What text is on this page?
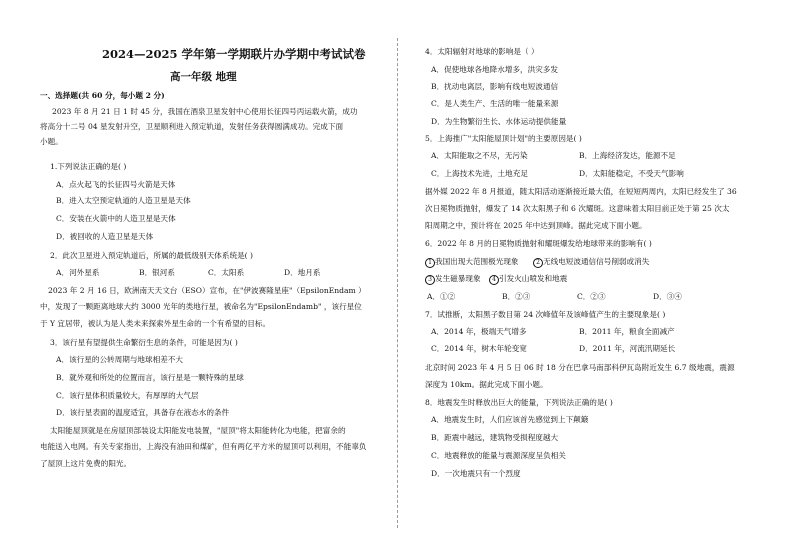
2024—2025 学年第一学期联片办学期中考试试卷
高一年级 地理
一、选择题(共 60 分，每小题 2 分)
2023 年 8 月 21 日 1 时 45 分，我国在酒泉卫星发射中心使用长征四号丙运载火箭，成功
将高分十二号 04 星发射升空，卫星顺利进入预定轨道，发射任务获得圆满成功。完成下面
小题。
1.下列说法正确的是( )
A．点火起飞的长征四号火箭是天体
B．进入太空预定轨道的人造卫星是天体
C．安装在火箭中的人造卫星是天体
D．被回收的人造卫星是天体
2．此次卫星进入预定轨道后，所属的最低级别天体系统是( )
A．河外星系	B．银河系	C．太阳系	D．地月系
2023 年 2 月 16 日，欧洲南天天文台（ESO）宣布，在"伊波赛隆星座"（EpsilonEndam ）
中，发现了一颗距离地球大约 3000 光年的类地行星，被命名为"EpsilonEndamb" ，该行星位
于 Y 宜居带，被认为是人类未来探索外星生命的一个有希望的目标。
3．该行星有望提供生命繁衍生息的条件，可能是因为( )
A．该行星的公转周期与地球相差不大
B．就外观和所处的位置而言，该行星是一颗特殊的星球
C．该行星体积质量较大，有厚厚的大气层
D．该行星表面的温度适宜，具备存在液态水的条件
太阳能屋顶就是在房屋顶部装设太阳能发电装置，"屋顶"将太阳能转化为电能，把富余的
电能送入电网。有关专家指出，上海没有油田和煤矿，但有两亿平方米的屋顶可以利用，不能辜负
了屋顶上这片免费的阳光。
4．太阳辐射对地球的影响是（ ）
A．促使地球各地降水增多，洪灾多发
B．扰动电离层，影响有线电短波通信
C．是人类生产、生活的唯一能量来源
D．为生物繁衍生长、水体运动提供能量
5．上海推广"太阳能屋顶计划"的主要原因是( )
A．太阳能取之不尽，无污染	B．上海经济发达，能源不足
C．上海技术先进，土地充足	D．太阳能稳定，不受天气影响
据外媒 2022 年 8 月报道，随太阳活动逐渐接近最大值，在短短两周内，太阳已经发生了 36
次日冕物质抛射，爆发了 14 次太阳黑子和 6 次耀斑。这意味着太阳目前正处于第 25 次太
阳周期之中，预计将在 2025 年中达到顶峰。据此完成下面小题。
6．2022 年 8 月的日冕物质抛射和耀斑爆发给地球带来的影响有( )
1 我国出现大范围极光现象	2 无线电短波通信信号削弱或消失
3 发生磁暴现象	4 引发火山喷发和地震
A．①②	B．②③	C．②③	D．③④
7．试推断，太阳黑子数目第 24 次峰值年及该峰值产生的主要现象是( )
A．2014 年，极端天气增多	B．2011 年，粮食全面减产
C．2014 年，树木年轮变宽	D．2011 年，河流汛期延长
北京时间 2023 年 4 月 5 日 06 时 18 分在巴拿马南部科伊瓦岛附近发生 6.7 级地震，震源
深度为 10km。据此完成下面小题。
8．地震发生时释放出巨大的能量，下列说法正确的是( )
A．地震发生时，人们应该首先感觉到上下颠簸
B．距震中越远，建筑物受损程度越大
C．地震释放的能量与震源深度呈负相关
D．一次地震只有一个烈度
